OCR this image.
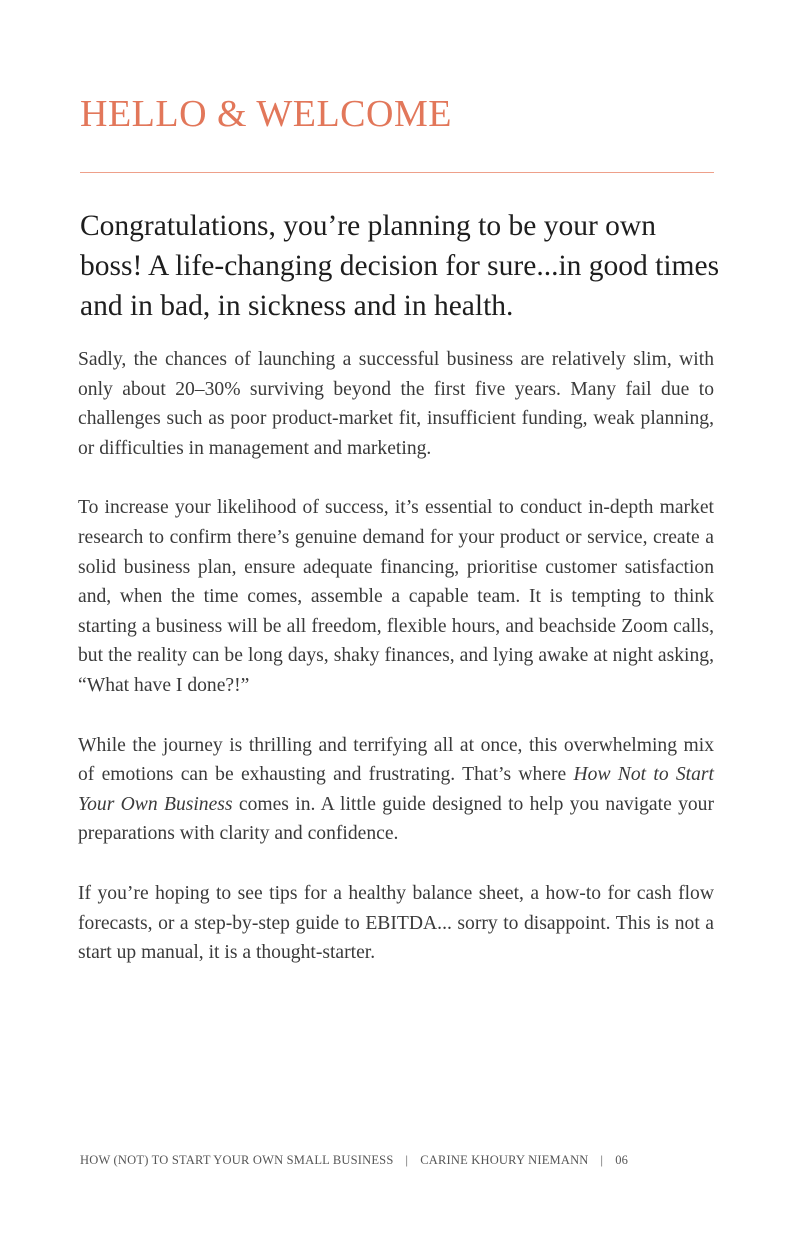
HELLO & WELCOME

Congratulations, you’re planning to be your own boss! A life-changing decision for sure...in good times and in bad, in sickness and in health.

Sadly, the chances of launching a successful business are relatively slim, with only about 20–30% surviving beyond the first five years. Many fail due to challenges such as poor product-market fit, insufficient funding, weak planning, or difficulties in management and marketing.

To increase your likelihood of success, it’s essential to conduct in-depth market research to confirm there’s genuine demand for your product or service, create a solid business plan, ensure adequate financing, prioritise customer satisfaction and, when the time comes, assemble a capable team. It is tempting to think starting a business will be all freedom, flexible hours, and beachside Zoom calls, but the reality can be long days, shaky finances, and lying awake at night asking, “What have I done?!”

While the journey is thrilling and terrifying all at once, this overwhelming mix of emotions can be exhausting and frustrating. That’s where How Not to Start Your Own Business comes in. A little guide designed to help you navigate your preparations with clarity and confidence.

If you’re hoping to see tips for a healthy balance sheet, a how-to for cash flow forecasts, or a step-by-step guide to EBITDA... sorry to disappoint. This is not a start up manual, it is a thought-starter.

HOW (NOT) TO START YOUR OWN SMALL BUSINESS | CARINE KHOURY NIEMANN | 06
